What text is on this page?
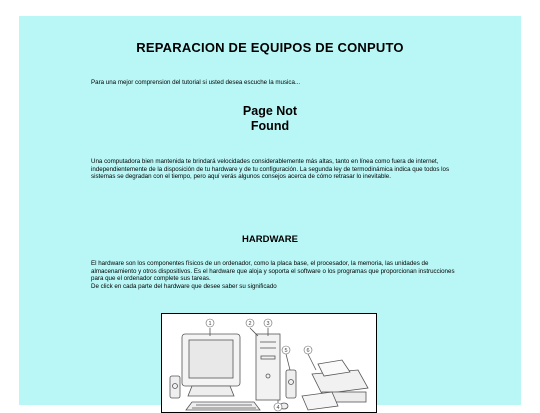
REPARACION DE EQUIPOS DE CONPUTO
Para una mejor comprension del tutorial si usted desea escuche la musica...
Page Not
Found
Una computadora bien mantenida te brindará velocidades considerablemente más altas, tanto en línea como fuera de internet, independientemente de la disposición de tu hardware y de tu configuración. La segunda ley de termodinámica indica que todos los sistemas se degradan con el tiempo, pero aquí verás algunos consejos acerca de cómo retrasar lo inevitable.
HARDWARE
El hardware son los componentes físicos de un ordenador, como la placa base, el procesador, la memoria, las unidades de almacenamiento y otros dispositivos. Es el hardware que aloja y soporta el software o los programas que proporcionan instrucciones para que el ordenador complete sus tareas.
De click en cada parte del hardware que desee saber su significado
1	2	3
4
5	6
